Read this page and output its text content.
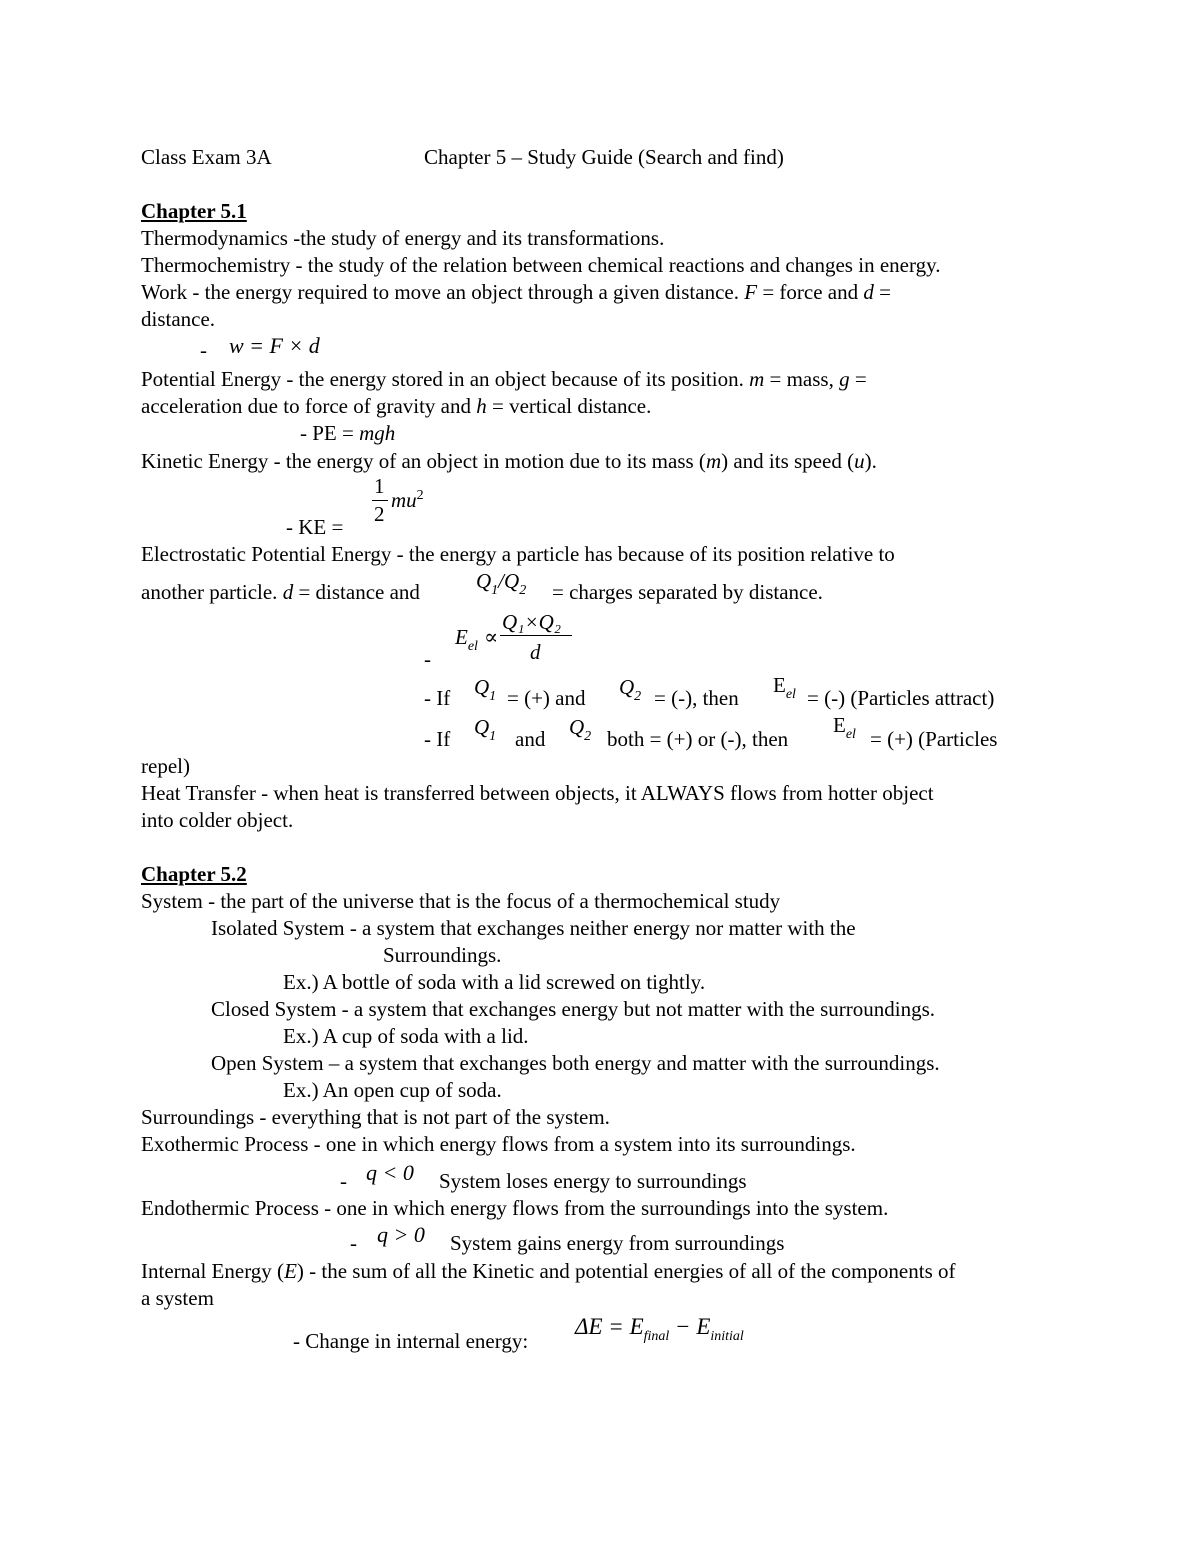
Class Exam 3A	Chapter 5 – Study Guide (Search and find)
Chapter 5.1
Thermodynamics -the study of energy and its transformations.
Thermochemistry - the study of the relation between chemical reactions and changes in energy.
Work - the energy required to move an object through a given distance. F = force and d =
distance.
- w = F × d
Potential Energy - the energy stored in an object because of its position. m = mass, g =
acceleration due to force of gravity and h = vertical distance.
- PE = mgh
Kinetic Energy - the energy of an object in motion due to its mass (m) and its speed (u).
1
2
$mu^2$
- KE =
Electrostatic Potential Energy - the energy a particle has because of its position relative to
another particle. d = distance and	$Q_1/Q_2$ = charges separated by distance.
-
$E_{el}$ ∝
Q₁×Q₂
d
- If $Q_1$ = (+) and $Q_2$ = (-), then
$E_{el}$ = (-) (Particles attract)
- If $Q_1$ and $Q_2$ both = (+) or (-), then
$E_{el}$ = (+) (Particles
repel)
Heat Transfer - when heat is transferred between objects, it ALWAYS flows from hotter object
into colder object.
Chapter 5.2
System - the part of the universe that is the focus of a thermochemical study
Isolated System - a system that exchanges neither energy nor matter with the
Surroundings.
Ex.) A bottle of soda with a lid screwed on tightly.
Closed System - a system that exchanges energy but not matter with the surroundings.
Ex.) A cup of soda with a lid.
Open System – a system that exchanges both energy and matter with the surroundings.
Ex.) An open cup of soda.
Surroundings - everything that is not part of the system.
Exothermic Process - one in which energy flows from a system into its surroundings.
- q < 0 System loses energy to surroundings
Endothermic Process - one in which energy flows from the surroundings into the system.
- q > 0 System gains energy from surroundings
Internal Energy (E) - the sum of all the Kinetic and potential energies of all of the components of
a system
- Change in internal energy:
$\Delta E = E_{final} - E_{initial}$
